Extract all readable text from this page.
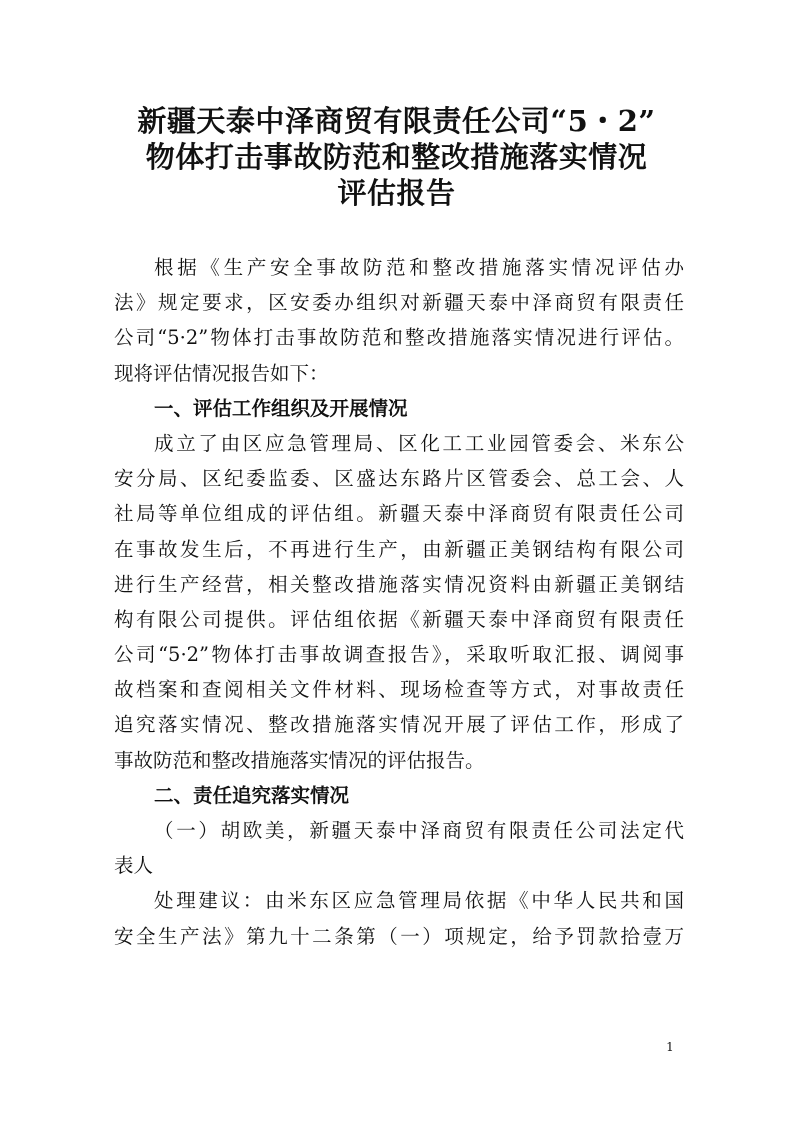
新疆天泰中泽商贸有限责任公司“5・2”
物体打击事故防范和整改措施落实情况
评估报告
根据《生产安全事故防范和整改措施落实情况评估办
法》规定要求，区安委办组织对新疆天泰中泽商贸有限责任
公司“5·2”物体打击事故防范和整改措施落实情况进行评估。
现将评估情况报告如下：
一、评估工作组织及开展情况
成立了由区应急管理局、区化工工业园管委会、米东公
安分局、区纪委监委、区盛达东路片区管委会、总工会、人
社局等单位组成的评估组。新疆天泰中泽商贸有限责任公司
在事故发生后，不再进行生产，由新疆正美钢结构有限公司
进行生产经营，相关整改措施落实情况资料由新疆正美钢结
构有限公司提供。评估组依据《新疆天泰中泽商贸有限责任
公司“5·2”物体打击事故调查报告》，采取听取汇报、调阅事
故档案和查阅相关文件材料、现场检查等方式，对事故责任
追究落实情况、整改措施落实情况开展了评估工作，形成了
事故防范和整改措施落实情况的评估报告。
二、责任追究落实情况
（一）胡欧美，新疆天泰中泽商贸有限责任公司法定代
表人
处理建议：由米东区应急管理局依据《中华人民共和国
安全生产法》第九十二条第（一）项规定，给予罚款拾壹万
1
